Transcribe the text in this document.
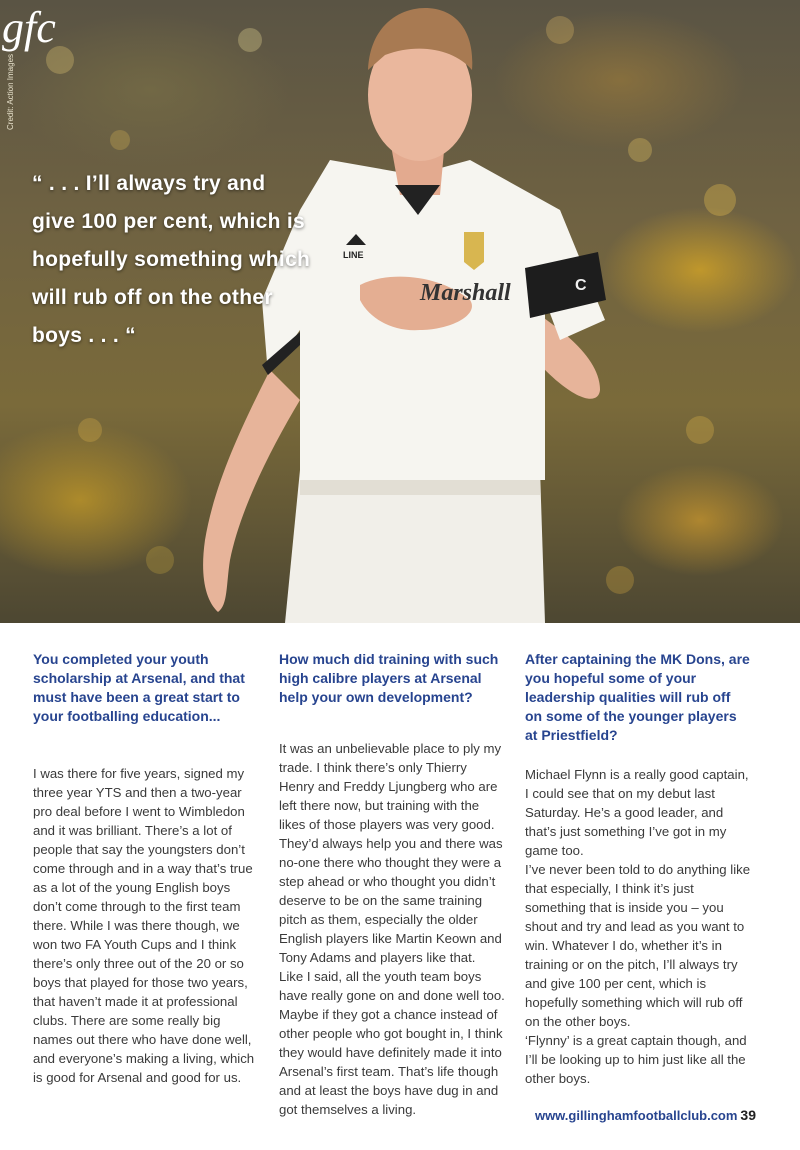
C
Marshall
LINE
Credit: Action Images
gfc
“ . . . I’ll always try and give 100 per cent, which is hopefully something which will rub off on the other boys . . . “

You completed your youth scholarship at Arsenal, and that must have been a great start to your footballing education...

I was there for five years, signed my three year YTS and then a two-year pro deal before I went to Wimbledon and it was brilliant. There’s a lot of people that say the youngsters don’t come through and in a way that’s true as a lot of the young English boys don’t come through to the first team there. While I was there though, we won two FA Youth Cups and I think there’s only three out of the 20 or so boys that played for those two years, that haven’t made it at professional clubs. There are some really big names out there who have done well, and everyone’s making a living, which is good for Arsenal and good for us.

How much did training with such high calibre players at Arsenal help your own development?

It was an unbelievable place to ply my trade. I think there’s only Thierry Henry and Freddy Ljungberg who are left there now, but training with the likes of those players was very good. They’d always help you and there was no-one there who thought they were a step ahead or who thought you didn’t deserve to be on the same training pitch as them, especially the older English players like Martin Keown and Tony Adams and players like that.

Like I said, all the youth team boys have really gone on and done well too. Maybe if they got a chance instead of other people who got bought in, I think they would have definitely made it into Arsenal’s first team. That’s life though and at least the boys have dug in and got themselves a living.

After captaining the MK Dons, are you hopeful some of your leadership qualities will rub off on some of the younger players at Priestfield?

Michael Flynn is a really good captain, I could see that on my debut last Saturday. He’s a good leader, and that’s just something I’ve got in my game too.

I’ve never been told to do anything like that especially, I think it’s just something that is inside you – you shout and try and lead as you want to win. Whatever I do, whether it’s in training or on the pitch, I’ll always try and give 100 per cent, which is hopefully something which will rub off on the other boys.

‘Flynny’ is a great captain though, and I’ll be looking up to him just like all the other boys.

www.gillinghamfootballclub.com 39
